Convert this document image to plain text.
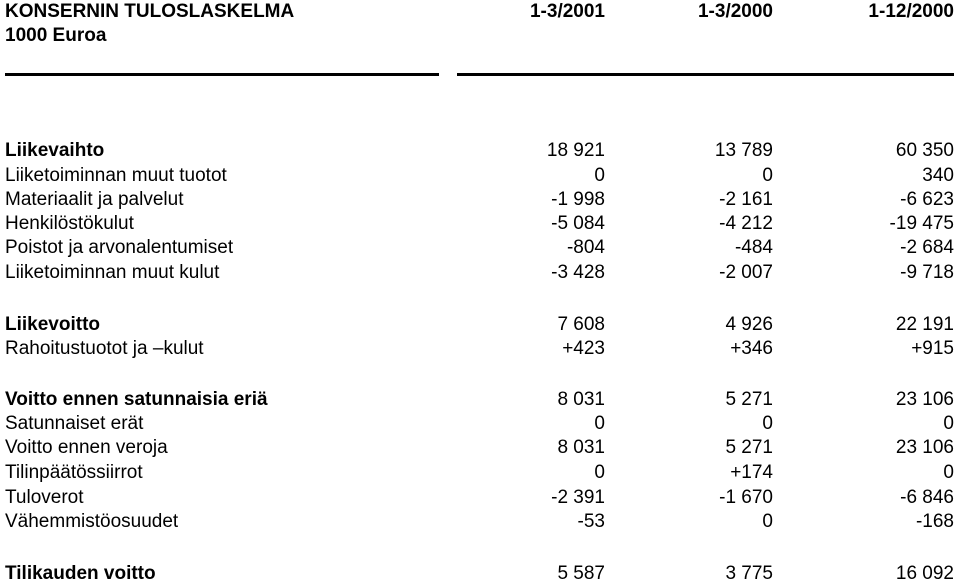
KONSERNIN TULOSLASKELMA
1000 Euroa
1-3/2001	1-3/2000	1-12/2000
Liikevaihto	18 921	13 789	60 350
Liiketoiminnan muut tuotot	0	0	340
Materiaalit ja palvelut	-1 998	-2 161	-6 623
Henkilöstökulut	-5 084	-4 212	-19 475
Poistot ja arvonalentumiset	-804	-484	-2 684
Liiketoiminnan muut kulut	-3 428	-2 007	-9 718
Liikevoitto	7 608	4 926	22 191
Rahoitustuotot ja –kulut	+423	+346	+915
Voitto ennen satunnaisia eriä	8 031	5 271	23 106
Satunnaiset erät	0	0	0
Voitto ennen veroja	8 031	5 271	23 106
Tilinpäätössiirrot	0	+174	0
Tuloverot	-2 391	-1 670	-6 846
Vähemmistöosuudet	-53	0	-168
Tilikauden voitto	5 587	3 775	16 092
